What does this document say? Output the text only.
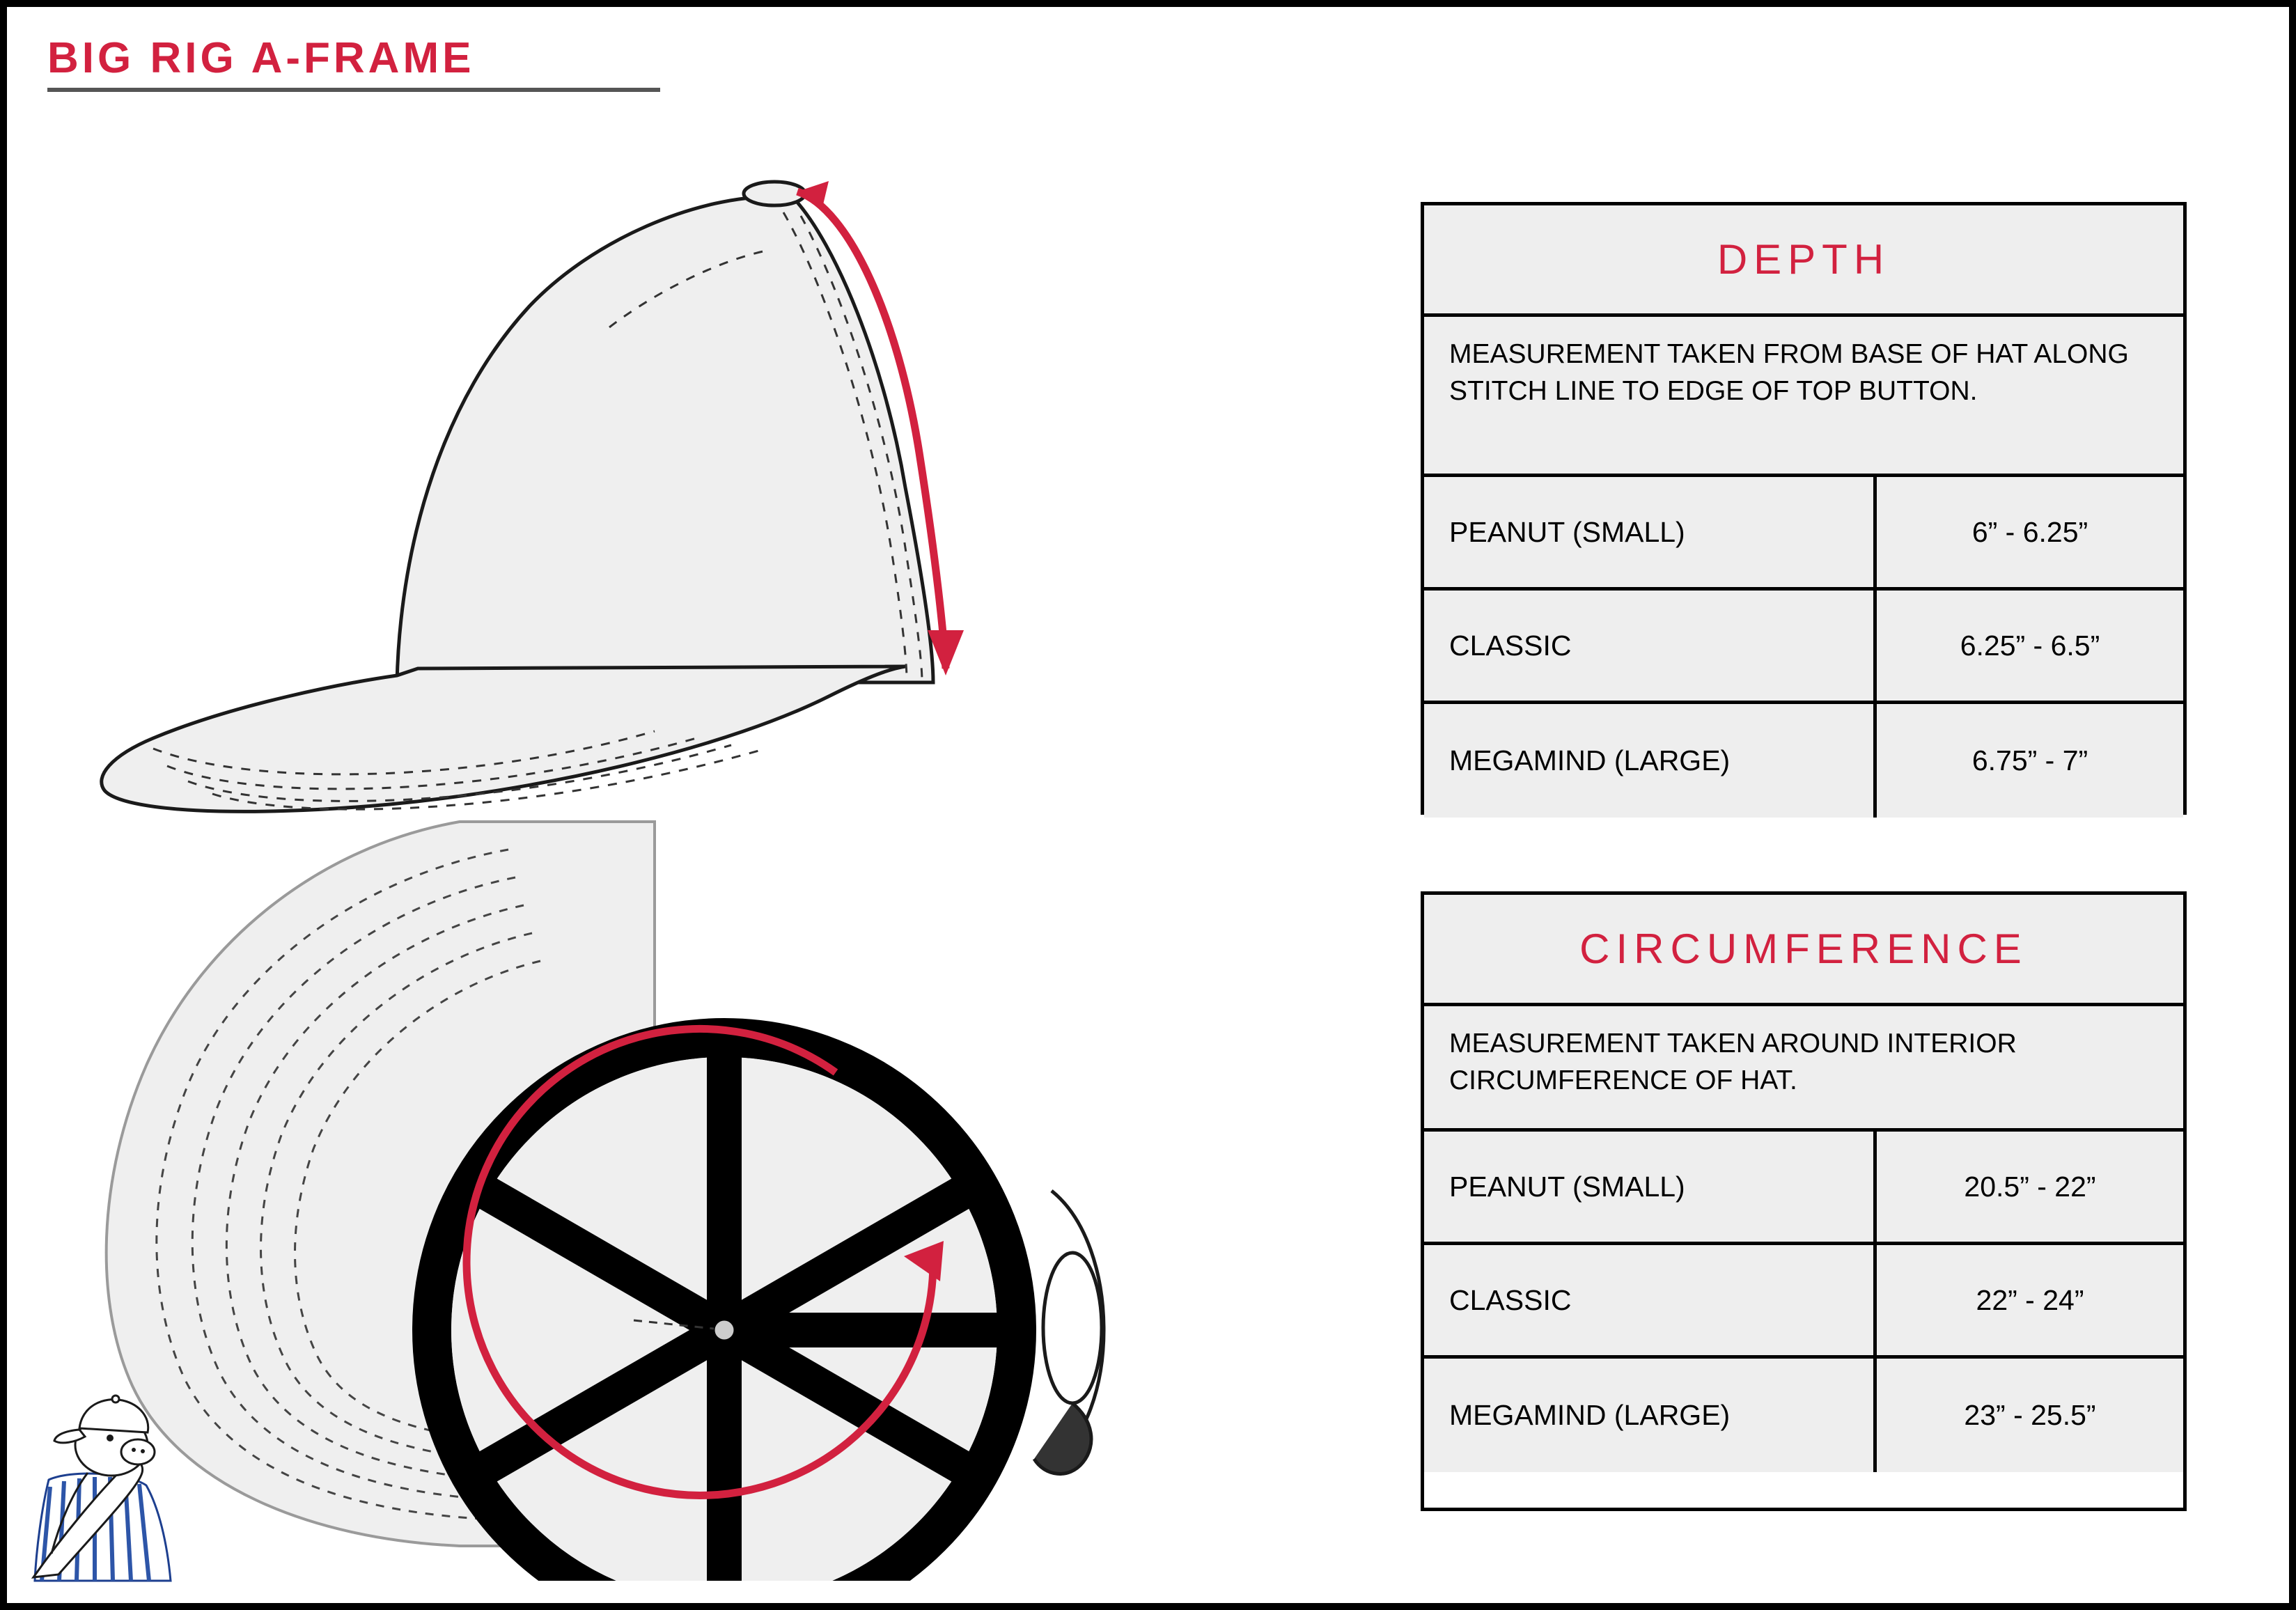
BIG RIG A-FRAME
DEPTH
MEASUREMENT TAKEN FROM BASE OF HAT ALONG STITCH LINE TO EDGE OF TOP BUTTON.
PEANUT (SMALL)	6” - 6.25”
CLASSIC	6.25” - 6.5”
MEGAMIND (LARGE)	6.75” - 7”
CIRCUMFERENCE
MEASUREMENT TAKEN AROUND INTERIOR CIRCUMFERENCE OF HAT.
PEANUT (SMALL)	20.5” - 22”
CLASSIC	22” - 24”
MEGAMIND (LARGE)	23” - 25.5”
